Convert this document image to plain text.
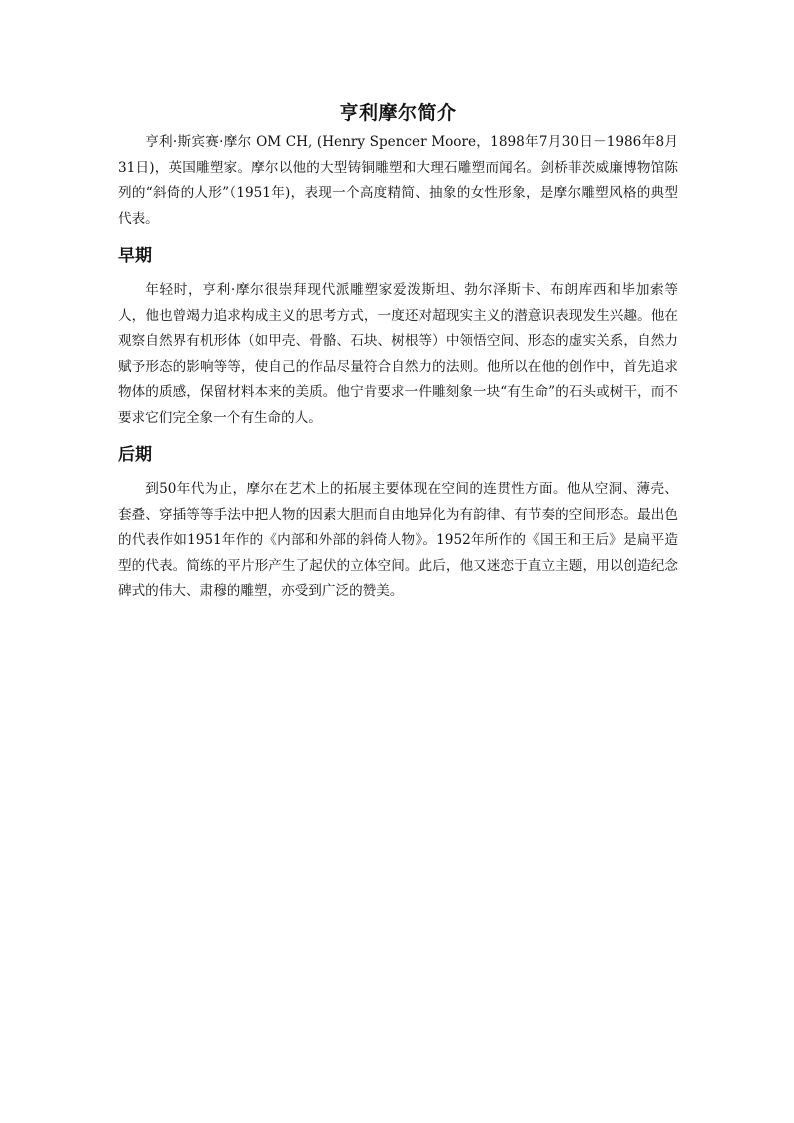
亨利摩尔简介

亨利·斯宾赛·摩尔 OM CH, (Henry Spencer Moore，1898年7月30日－1986年8月31日)，英国雕塑家。摩尔以他的大型铸铜雕塑和大理石雕塑而闻名。剑桥菲茨威廉博物馆陈列的“斜倚的人形”（1951年)，表现一个高度精简、抽象的女性形象，是摩尔雕塑风格的典型代表。

早期

年轻时，亨利·摩尔很崇拜现代派雕塑家爱泼斯坦、勃尔泽斯卡、布朗库西和毕加索等人，他也曾竭力追求构成主义的思考方式，一度还对超现实主义的潜意识表现发生兴趣。他在观察自然界有机形体（如甲壳、骨骼、石块、树根等）中领悟空间、形态的虚实关系，自然力赋予形态的影响等等，使自己的作品尽量符合自然力的法则。他所以在他的创作中，首先追求物体的质感，保留材料本来的美质。他宁肯要求一件雕刻象一块“有生命”的石头或树干，而不要求它们完全象一个有生命的人。

后期

到50年代为止，摩尔在艺术上的拓展主要体现在空间的连贯性方面。他从空洞、薄壳、套叠、穿插等等手法中把人物的因素大胆而自由地异化为有韵律、有节奏的空间形态。最出色的代表作如1951年作的《内部和外部的斜倚人物》。1952年所作的《国王和王后》是扁平造型的代表。简练的平片形产生了起伏的立体空间。此后，他又迷恋于直立主题，用以创造纪念碑式的伟大、肃穆的雕塑，亦受到广泛的赞美。
